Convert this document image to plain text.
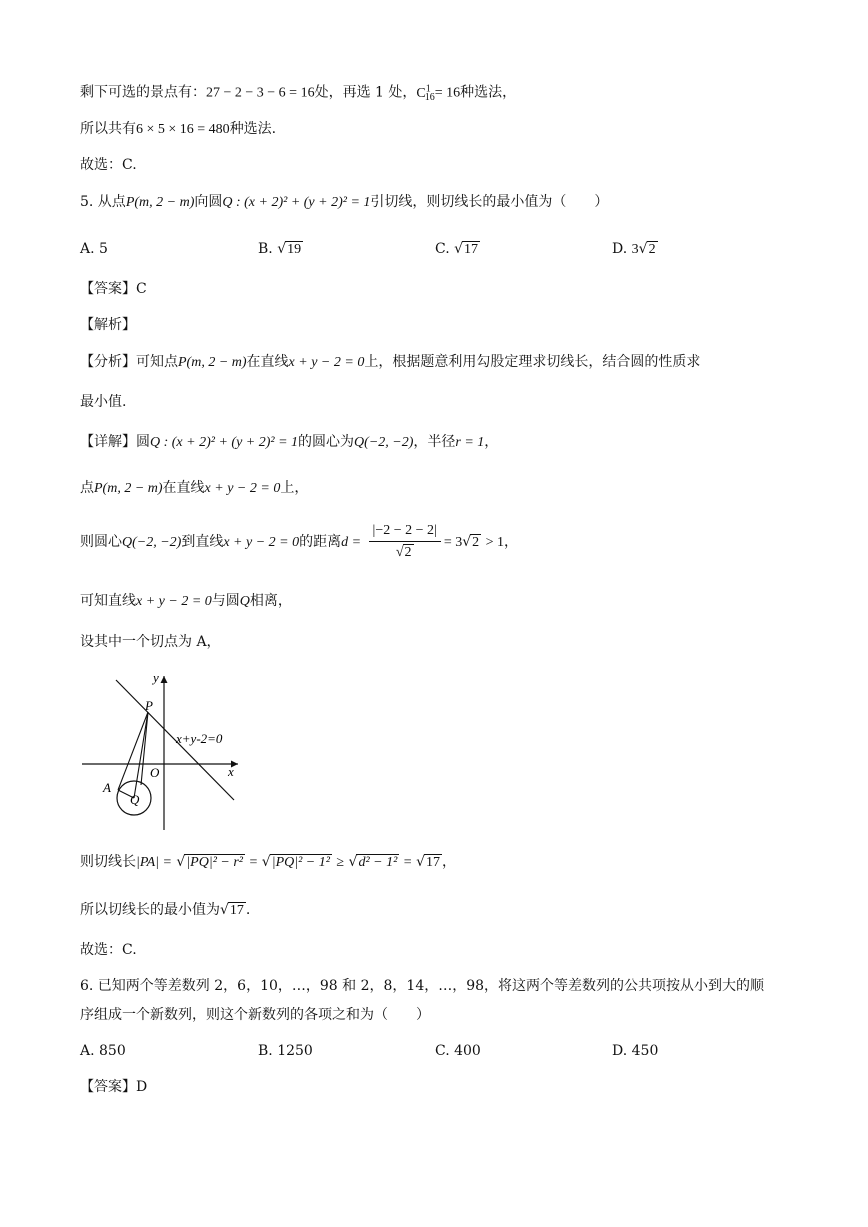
剩下可选的景点有：27 − 2 − 3 − 6 = 16处，再选 1 处，$C^1_{16}= 16$种选法，
所以共有6 × 5 × 16 = 480种选法.
故选：C.
5. 从点P(m, 2 − m)向圆Q : (x + 2)² + (y + 2)² = 1引切线，则切线长的最小值为（　　）
A. 5	B. √19	C. √17	D. 3√2
【答案】C
【解析】
【分析】可知点P(m, 2 − m)在直线x + y − 2 = 0上，根据题意利用勾股定理求切线长，结合圆的性质求
最小值.
【详解】圆Q : (x + 2)² + (y + 2)² = 1的圆心为Q(−2, −2)，半径r = 1，
点P(m, 2 − m)在直线x + y − 2 = 0上，
则圆心Q(−2, −2)到直线x + y − 2 = 0的距离$d = \frac{|-2 - 2 - 2|}{√2} = 3√2 > 1$，
可知直线x + y − 2 = 0与圆Q相离，
设其中一个切点为 A，
y
x
O
P
A
Q
x+y-2=0
则切线长|PA| = √|PQ|² − r² = √|PQ|² − 1² ≥ √d² − 1² = √17 ，
所以切线长的最小值为√17 .
故选：C.
6. 已知两个等差数列 2，6，10，…，98 和 2，8，14，…，98，将这两个等差数列的公共项按从小到大的顺
序组成一个新数列，则这个新数列的各项之和为（　　）
A. 850	B. 1250	C. 400	D. 450
【答案】D
